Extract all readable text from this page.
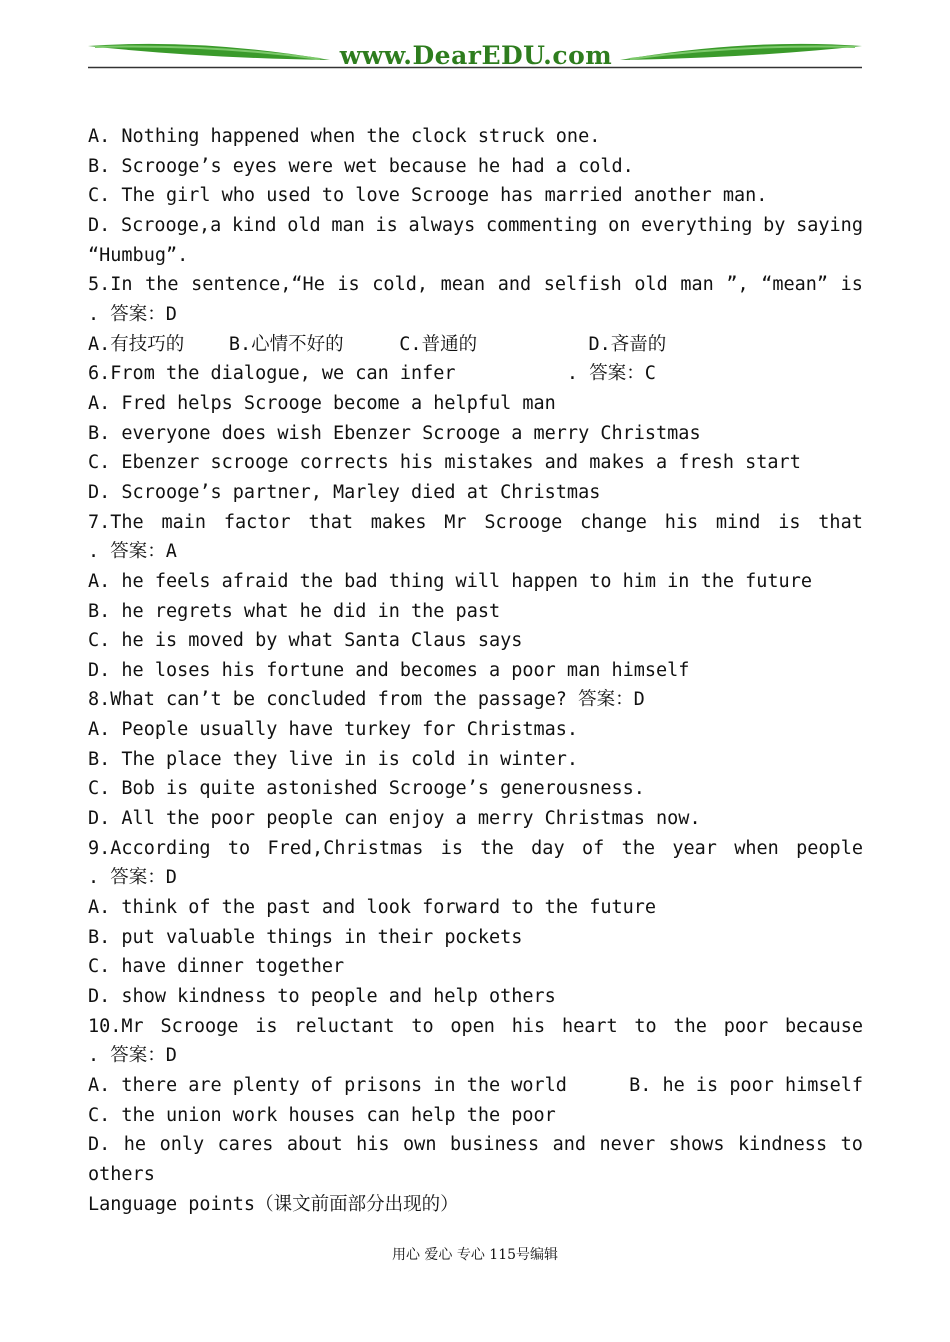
www.DearEDU.com
A. Nothing happened when the clock struck one.
B. Scrooge’s eyes were wet because he had a cold.
C. The girl who used to love Scrooge has married another man.
D. Scrooge,a kind old man is always commenting on everything by saying
“Humbug”.
5.In the sentence,“He is cold, mean and selfish old man ”, “mean” is
. 答案：D
A.有技巧的    B.心情不好的     C.普通的          D.吝啬的
6.From the dialogue, we can infer          . 答案：C
A. Fred helps Scrooge become a helpful man
B. everyone does wish Ebenzer Scrooge a merry Christmas
C. Ebenzer scrooge corrects his mistakes and makes a fresh start
D. Scrooge’s partner, Marley died at Christmas
7.The main factor that makes Mr Scrooge change his mind is that
. 答案：A
A. he feels afraid the bad thing will happen to him in the future
B. he regrets what he did in the past
C. he is moved by what Santa Claus says
D. he loses his fortune and becomes a poor man himself
8.What can’t be concluded from the passage? 答案：D
A. People usually have turkey for Christmas.
B. The place they live in is cold in winter.
C. Bob is quite astonished Scrooge’s generousness.
D. All the poor people can enjoy a merry Christmas now.
9.According to Fred,Christmas is the day of the year when people
. 答案：D
A. think of the past and look forward to the future
B. put valuable things in their pockets
C. have dinner together
D. show kindness to people and help others
10.Mr Scrooge is reluctant to open his heart to the poor because
. 答案：D
A. there are plenty of prisons in the world	B. he is poor himself
C. the union work houses can help the poor
D. he only cares about his own business and never shows kindness to
others
Language points（课文前面部分出现的）
用心 爱心 专心 115号编辑
